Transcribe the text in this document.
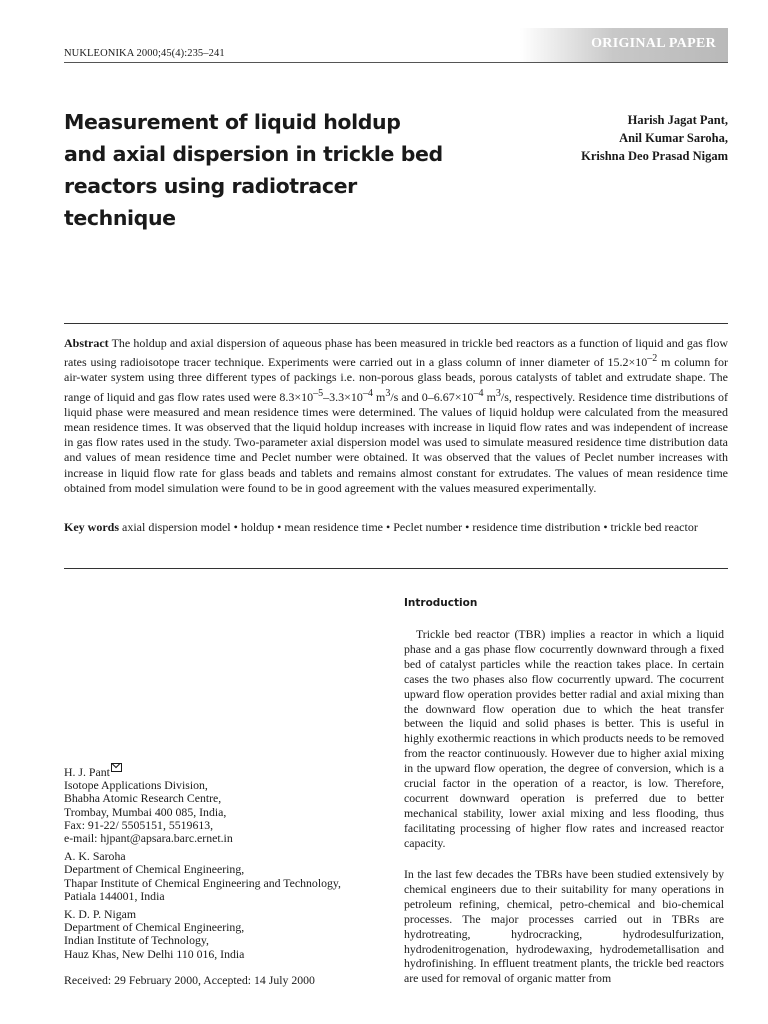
NUKLEONIKA 2000;45(4):235–241
ORIGINAL PAPER
Measurement of liquid holdup and axial dispersion in trickle bed reactors using radiotracer technique
Harish Jagat Pant,
Anil Kumar Saroha,
Krishna Deo Prasad Nigam

Abstract The holdup and axial dispersion of aqueous phase has been measured in trickle bed reactors as a function of liquid and gas flow rates using radioisotope tracer technique. Experiments were carried out in a glass column of inner diameter of $15.2\times 10^{-2}$ m column for air-water system using three different types of packings i.e. non-porous glass beads, porous catalysts of tablet and extrudate shape. The range of liquid and gas flow rates used were $8.3\times 10^{-5}-3.3\times 10^{-4}$ $m^3/s$ and $0-6.67\times 10^{-4}$ $m^3/s$, respectively. Residence time distributions of liquid phase were measured and mean residence times were determined. The values of liquid holdup were calculated from the measured mean residence times. It was observed that the liquid holdup increases with increase in liquid flow rates and was independent of increase in gas flow rates used in the study. Two-parameter axial dispersion model was used to simulate measured residence time distribution data and values of mean residence time and Peclet number were obtained. It was observed that the values of Peclet number increases with increase in liquid flow rate for glass beads and tablets and remains almost constant for extrudates. The values of mean residence time obtained from model simulation were found to be in good agreement with the values measured experimentally.

Key words axial dispersion model • holdup • mean residence time • Peclet number • residence time distribution • trickle bed reactor

Introduction

Trickle bed reactor (TBR) implies a reactor in which a liquid phase and a gas phase flow cocurrently downward through a fixed bed of catalyst particles while the reaction takes place. In certain cases the two phases also flow cocurrently upward. The cocurrent upward flow operation provides better radial and axial mixing than the downward flow operation due to which the heat transfer between the liquid and solid phases is better. This is useful in highly exothermic reactions in which products needs to be removed from the reactor continuously. However due to higher axial mixing in the upward flow operation, the degree of conversion, which is a crucial factor in the operation of a reactor, is low. Therefore, cocurrent downward operation is preferred due to better mechanical stability, lower axial mixing and less flooding, thus facilitating processing of higher flow rates and increased reactor capacity.

In the last few decades the TBRs have been studied extensively by chemical engineers due to their suitability for many operations in petroleum refining, chemical, petro-chemical and bio-chemical processes. The major processes carried out in TBRs are hydrotreating, hydrocracking, hydrodesulfurization, hydrodenitrogenation, hydrodewaxing, hydrodemetallisation and hydrofinishing. In effluent treatment plants, the trickle bed reactors are used for removal of organic matter from

H. J. Pant
Isotope Applications Division,
Bhabha Atomic Research Centre,
Trombay, Mumbai 400 085, India,
Fax: 91-22/ 5505151, 5519613,
e-mail: hjpant@apsara.barc.ernet.in
A. K. Saroha
Department of Chemical Engineering,
Thapar Institute of Chemical Engineering and Technology,
Patiala 144001, India
K. D. P. Nigam
Department of Chemical Engineering,
Indian Institute of Technology,
Hauz Khas, New Delhi 110 016, India
Received: 29 February 2000, Accepted: 14 July 2000
